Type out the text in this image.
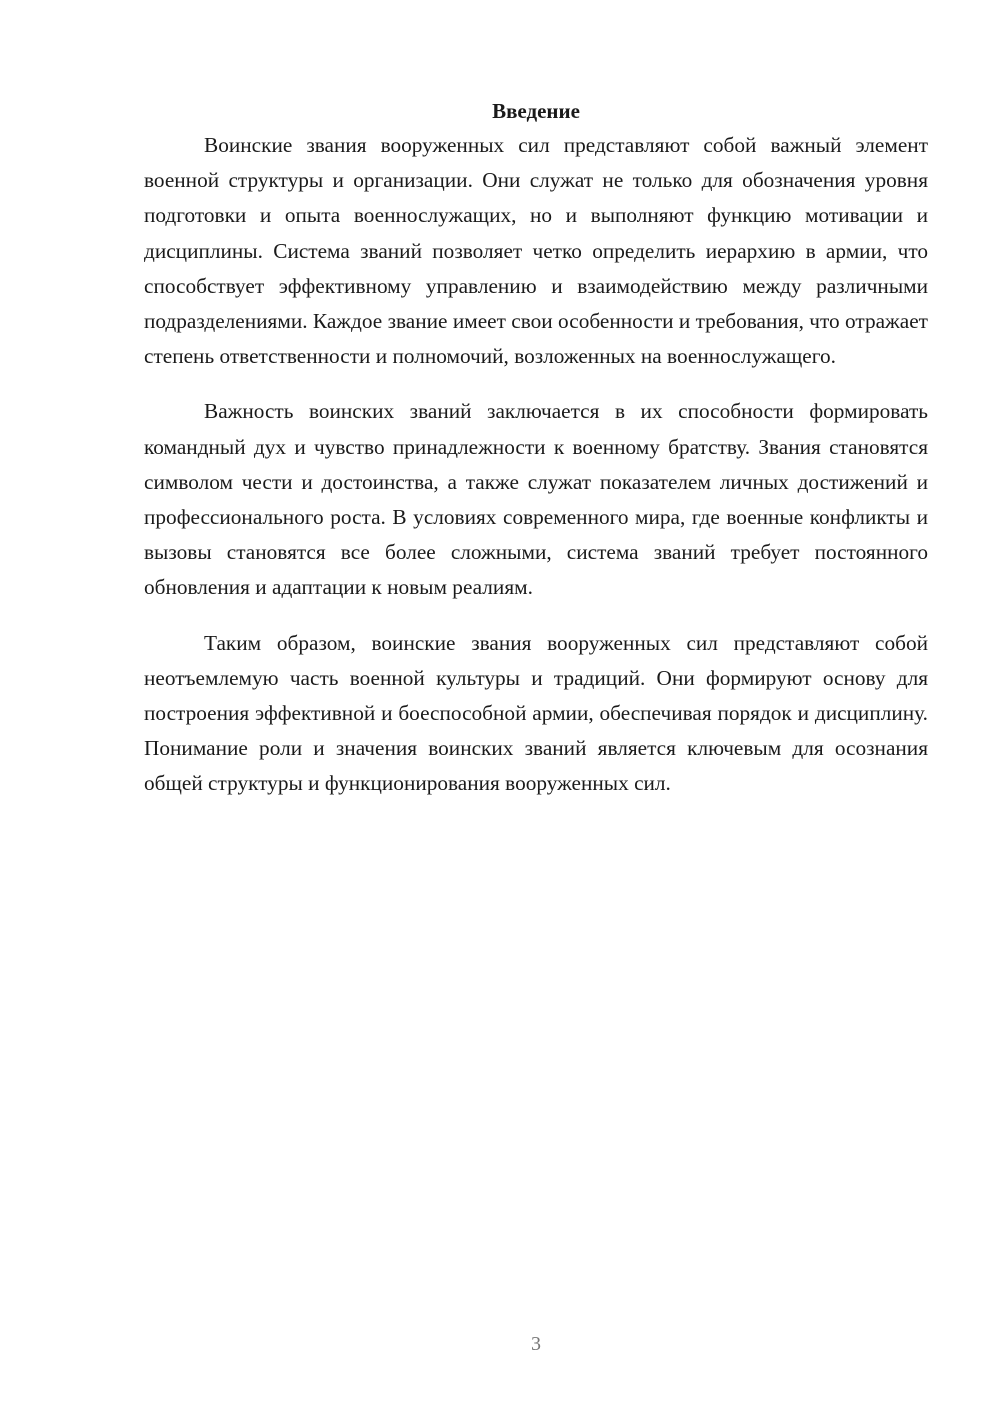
Введение

Воинские звания вооруженных сил представляют собой важный элемент военной структуры и организации. Они служат не только для обозначения уровня подготовки и опыта военнослужащих, но и выполняют функцию мотивации и дисциплины. Система званий позволяет четко определить иерархию в армии, что способствует эффективному управлению и взаимодействию между различными подразделениями. Каждое звание имеет свои особенности и требования, что отражает степень ответственности и полномочий, возложенных на военнослужащего.

Важность воинских званий заключается в их способности формировать командный дух и чувство принадлежности к военному братству. Звания становятся символом чести и достоинства, а также служат показателем личных достижений и профессионального роста. В условиях современного мира, где военные конфликты и вызовы становятся все более сложными, система званий требует постоянного обновления и адаптации к новым реалиям.

Таким образом, воинские звания вооруженных сил представляют собой неотъемлемую часть военной культуры и традиций. Они формируют основу для построения эффективной и боеспособной армии, обеспечивая порядок и дисциплину. Понимание роли и значения воинских званий является ключевым для осознания общей структуры и функционирования вооруженных сил.

3
